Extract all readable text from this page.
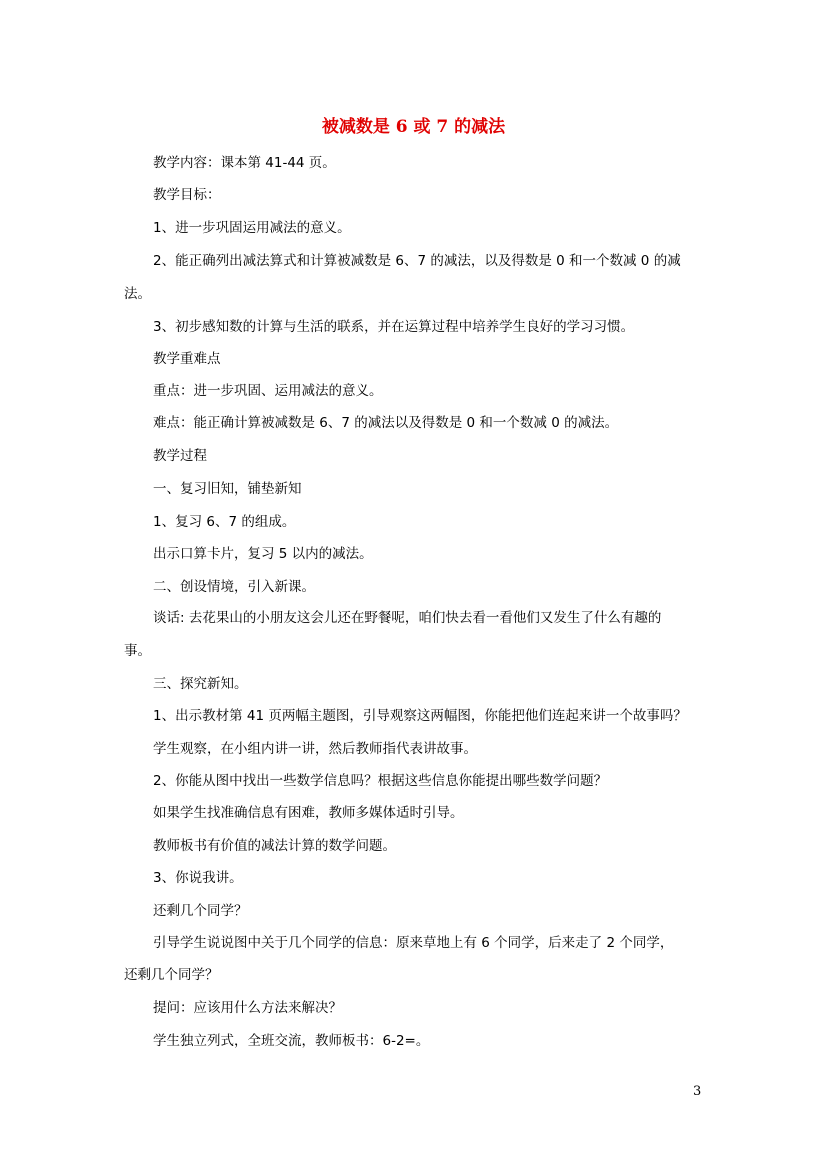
被减数是 6 或 7 的减法
教学内容：课本第 41-44 页。
教学目标：
1、进一步巩固运用减法的意义。
2、能正确列出减法算式和计算被减数是 6、7 的减法，以及得数是 0 和一个数减 0 的减
法。
3、初步感知数的计算与生活的联系，并在运算过程中培养学生良好的学习习惯。
教学重难点
重点：进一步巩固、运用减法的意义。
难点：能正确计算被减数是 6、7 的减法以及得数是 0 和一个数减 0 的减法。
教学过程
一、复习旧知，铺垫新知
1、复习 6、7 的组成。
出示口算卡片，复习 5 以内的减法。
二、创设情境，引入新课。
谈话: 去花果山的小朋友这会儿还在野餐呢，咱们快去看一看他们又发生了什么有趣的
事。
三、探究新知。
1、出示教材第 41 页两幅主题图，引导观察这两幅图，你能把他们连起来讲一个故事吗？
学生观察，在小组内讲一讲，然后教师指代表讲故事。
2、你能从图中找出一些数学信息吗？根据这些信息你能提出哪些数学问题？
如果学生找准确信息有困难，教师多媒体适时引导。
教师板书有价值的减法计算的数学问题。
3、你说我讲。
还剩几个同学？
引导学生说说图中关于几个同学的信息：原来草地上有 6 个同学，后来走了 2 个同学，
还剩几个同学？
提问：应该用什么方法来解决？
学生独立列式，全班交流，教师板书：6-2=。
3
